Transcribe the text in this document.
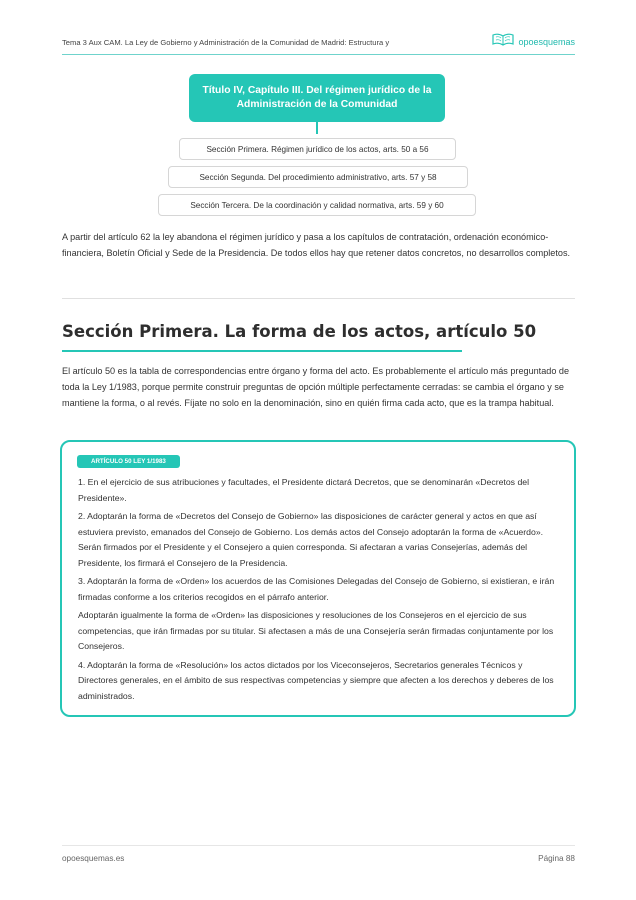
Tema 3 Aux CAM. La Ley de Gobierno y Administración de la Comunidad de Madrid: Estructura y	opoesquemas
Título IV, Capítulo III. Del régimen jurídico de la Administración de la Comunidad
Sección Primera. Régimen jurídico de los actos, arts. 50 a 56
Sección Segunda. Del procedimiento administrativo, arts. 57 y 58
Sección Tercera. De la coordinación y calidad normativa, arts. 59 y 60
A partir del artículo 62 la ley abandona el régimen jurídico y pasa a los capítulos de contratación, ordenación económico-financiera, Boletín Oficial y Sede de la Presidencia. De todos ellos hay que retener datos concretos, no desarrollos completos.
Sección Primera. La forma de los actos, artículo 50
El artículo 50 es la tabla de correspondencias entre órgano y forma del acto. Es probablemente el artículo más preguntado de toda la Ley 1/1983, porque permite construir preguntas de opción múltiple perfectamente cerradas: se cambia el órgano y se mantiene la forma, o al revés. Fíjate no solo en la denominación, sino en quién firma cada acto, que es la trampa habitual.
ARTÍCULO 50 LEY 1/1983

1. En el ejercicio de sus atribuciones y facultades, el Presidente dictará Decretos, que se denominarán «Decretos del Presidente».

2. Adoptarán la forma de «Decretos del Consejo de Gobierno» las disposiciones de carácter general y actos en que así estuviera previsto, emanados del Consejo de Gobierno. Los demás actos del Consejo adoptarán la forma de «Acuerdo». Serán firmados por el Presidente y el Consejero a quien corresponda. Si afectaran a varias Consejerías, además del Presidente, los firmará el Consejero de la Presidencia.

3. Adoptarán la forma de «Orden» los acuerdos de las Comisiones Delegadas del Consejo de Gobierno, si existieran, e irán firmadas conforme a los criterios recogidos en el párrafo anterior.

Adoptarán igualmente la forma de «Orden» las disposiciones y resoluciones de los Consejeros en el ejercicio de sus competencias, que irán firmadas por su titular. Si afectasen a más de una Consejería serán firmadas conjuntamente por los Consejeros.

4. Adoptarán la forma de «Resolución» los actos dictados por los Viceconsejeros, Secretarios generales Técnicos y Directores generales, en el ámbito de sus respectivas competencias y siempre que afecten a los derechos y deberes de los administrados.

opoesquemas.es	Página 88
